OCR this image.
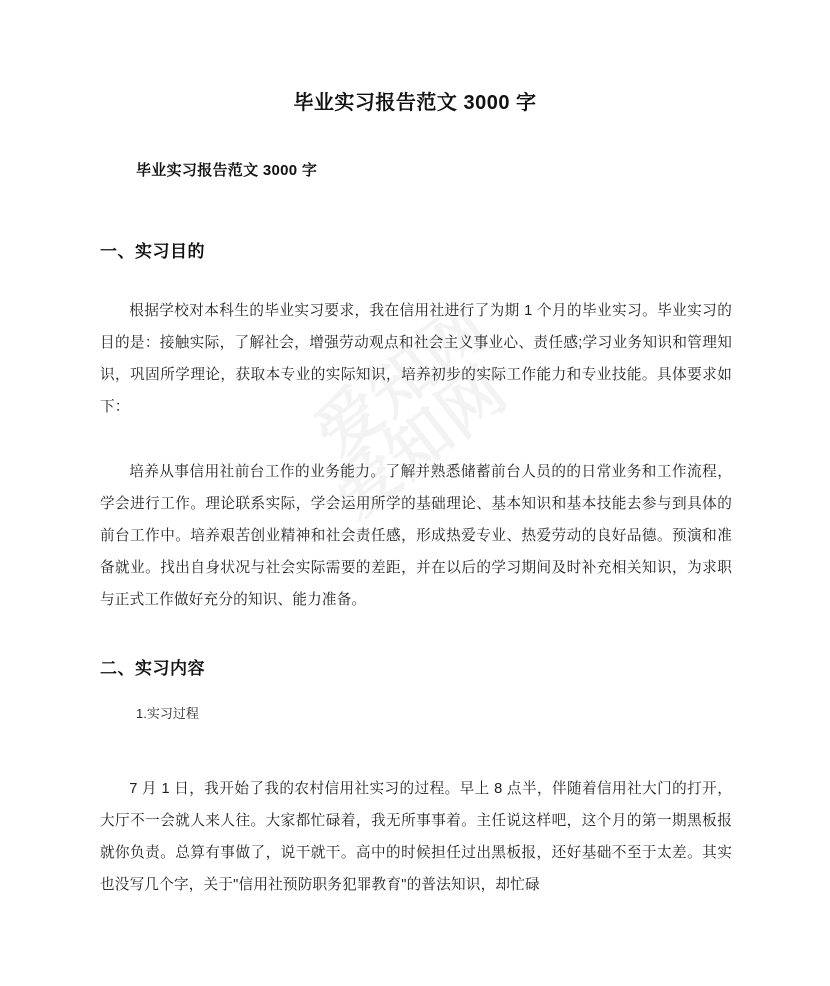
毕业实习报告范文 3000 字
毕业实习报告范文 3000 字
一、实习目的

根据学校对本科生的毕业实习要求，我在信用社进行了为期 1 个月的毕业实习。毕业实习的目的是：接触实际，了解社会，增强劳动观点和社会主义事业心、责任感;学习业务知识和管理知识，巩固所学理论，获取本专业的实际知识，培养初步的实际工作能力和专业技能。具体要求如下：

培养从事信用社前台工作的业务能力。了解并熟悉储蓄前台人员的的日常业务和工作流程，学会进行工作。理论联系实际，学会运用所学的基础理论、基本知识和基本技能去参与到具体的前台工作中。培养艰苦创业精神和社会责任感，形成热爱专业、热爱劳动的良好品德。预演和准备就业。找出自身状况与社会实际需要的差距，并在以后的学习期间及时补充相关知识，为求职与正式工作做好充分的知识、能力准备。

二、实习内容
1.实习过程

7 月 1 日，我开始了我的农村信用社实习的过程。早上 8 点半，伴随着信用社大门的打开，大厅不一会就人来人往。大家都忙碌着，我无所事事着。主任说这样吧，这个月的第一期黑板报就你负责。总算有事做了，说干就干。高中的时候担任过出黑板报，还好基础不至于太差。其实也没写几个字，关于"信用社预防职务犯罪教育"的普法知识，却忙碌
